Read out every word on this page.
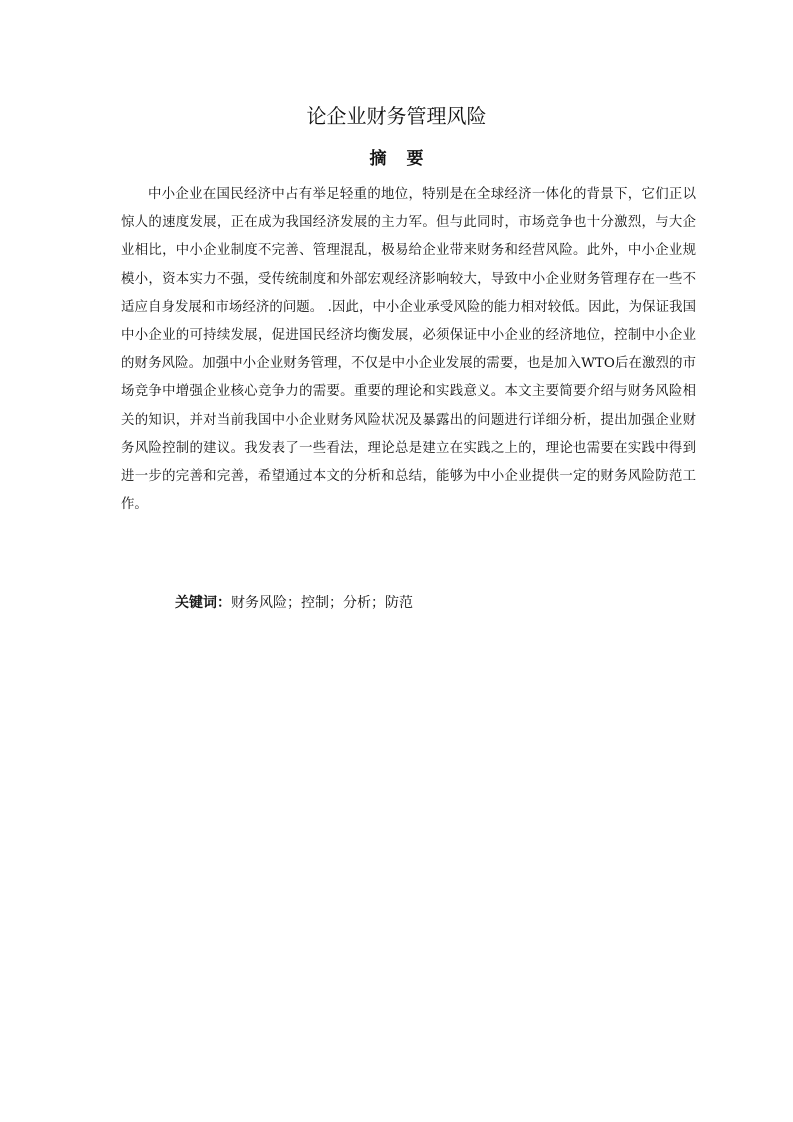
论企业财务管理风险
摘要

中小企业在国民经济中占有举足轻重的地位，特别是在全球经济一体化的背景下，它们正以惊人的速度发展，正在成为我国经济发展的主力军。但与此同时，市场竞争也十分激烈，与大企业相比，中小企业制度不完善、管理混乱，极易给企业带来财务和经营风险。此外，中小企业规模小，资本实力不强，受传统制度和外部宏观经济影响较大，导致中小企业财务管理存在一些不适应自身发展和市场经济的问题。 .因此，中小企业承受风险的能力相对较低。因此，为保证我国中小企业的可持续发展，促进国民经济均衡发展，必须保证中小企业的经济地位，控制中小企业的财务风险。加强中小企业财务管理，不仅是中小企业发展的需要，也是加入WTO后在激烈的市场竞争中增强企业核心竞争力的需要。重要的理论和实践意义。本文主要简要介绍与财务风险相关的知识，并对当前我国中小企业财务风险状况及暴露出的问题进行详细分析，提出加强企业财务风险控制的建议。我发表了一些看法，理论总是建立在实践之上的，理论也需要在实践中得到进一步的完善和完善，希望通过本文的分析和总结，能够为中小企业提供一定的财务风险防范工作。

关键词：财务风险；控制；分析；防范
